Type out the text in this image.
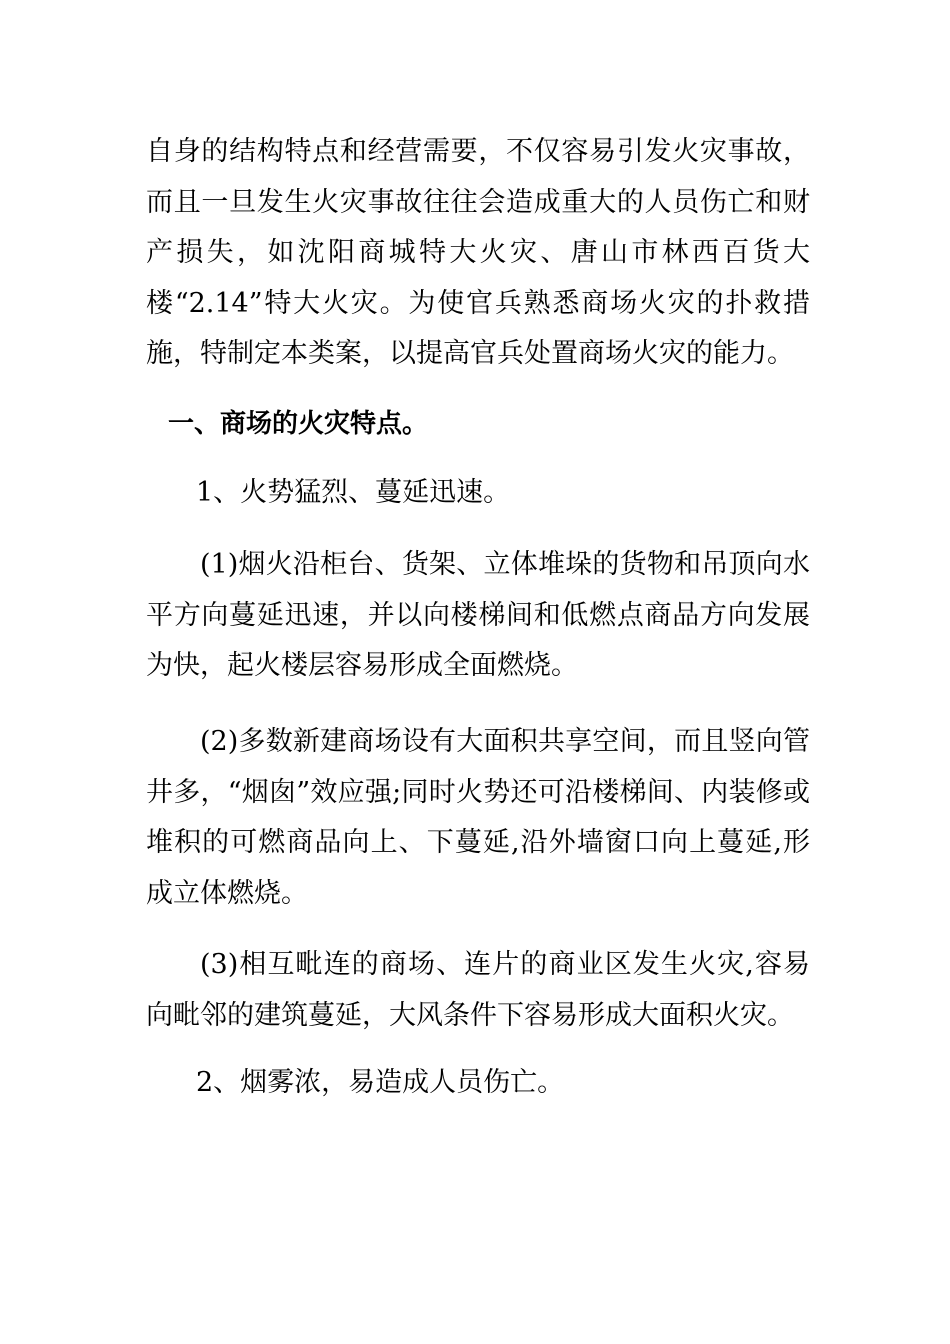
自身的结构特点和经营需要，不仅容易引发火灾事故，而且一旦发生火灾事故往往会造成重大的人员伤亡和财产损失，如沈阳商城特大火灾、唐山市林西百货大楼“2.14”特大火灾。为使官兵熟悉商场火灾的扑救措施，特制定本类案，以提高官兵处置商场火灾的能力。

一、商场的火灾特点。

1、火势猛烈、蔓延迅速。

(1)烟火沿柜台、货架、立体堆垛的货物和吊顶向水平方向蔓延迅速，并以向楼梯间和低燃点商品方向发展为快，起火楼层容易形成全面燃烧。

(2)多数新建商场设有大面积共享空间，而且竖向管井多，“烟囱”效应强;同时火势还可沿楼梯间、内装修或堆积的可燃商品向上、下蔓延,沿外墙窗口向上蔓延,形成立体燃烧。

(3)相互毗连的商场、连片的商业区发生火灾,容易向毗邻的建筑蔓延，大风条件下容易形成大面积火灾。

2、烟雾浓，易造成人员伤亡。
